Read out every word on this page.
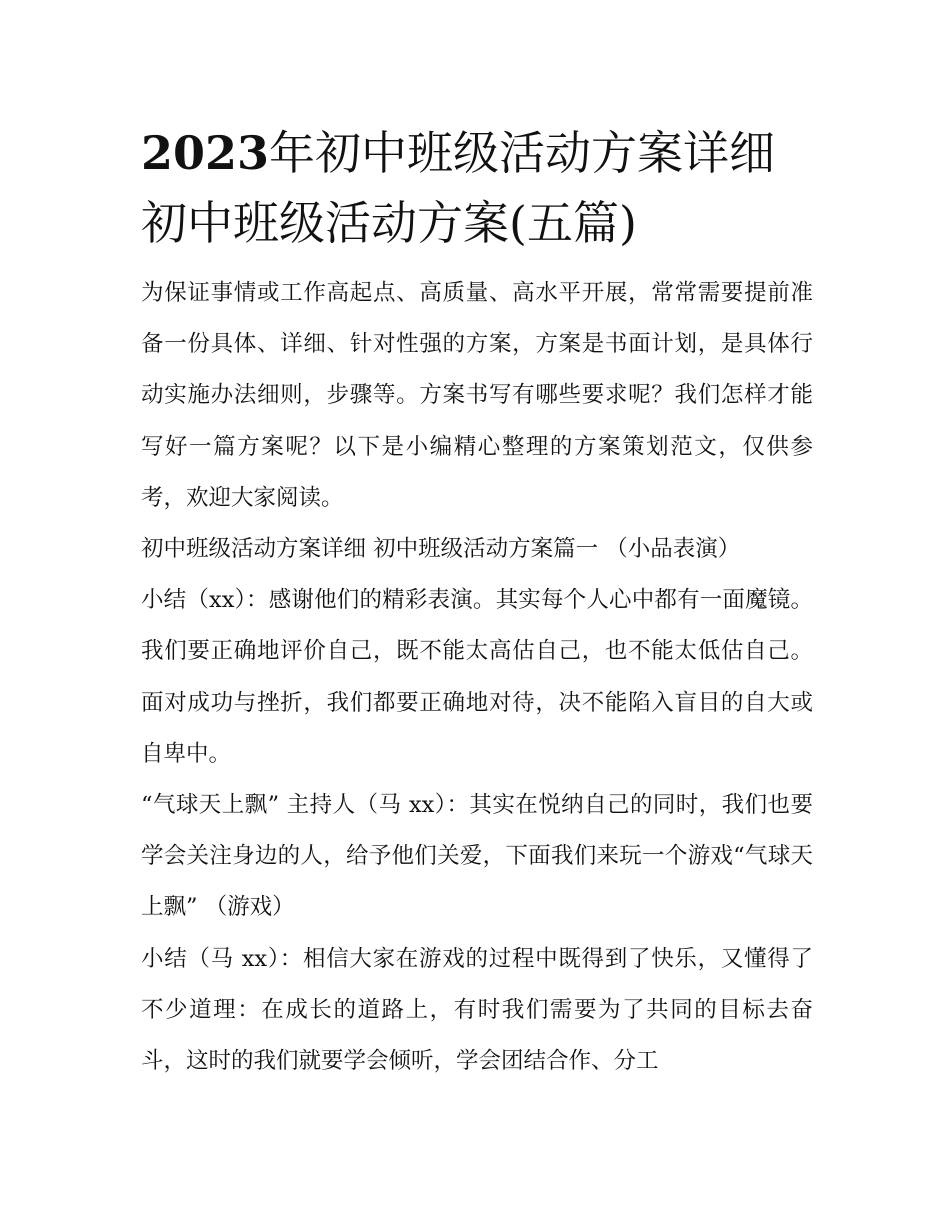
2023年初中班级活动方案详细
初中班级活动方案(五篇)

为保证事情或工作高起点、高质量、高水平开展，常常需要提前准备一份具体、详细、针对性强的方案，方案是书面计划，是具体行动实施办法细则，步骤等。方案书写有哪些要求呢？我们怎样才能写好一篇方案呢？以下是小编精心整理的方案策划范文，仅供参考，欢迎大家阅读。

初中班级活动方案详细 初中班级活动方案篇一 （小品表演）

小结（xx）：感谢他们的精彩表演。其实每个人心中都有一面魔镜。我们要正确地评价自己，既不能太高估自己，也不能太低估自己。面对成功与挫折，我们都要正确地对待，决不能陷入盲目的自大或自卑中。

“气球天上飘” 主持人（马 xx）：其实在悦纳自己的同时，我们也要学会关注身边的人，给予他们关爱，下面我们来玩一个游戏“气球天上飘” （游戏）

小结（马 xx）：相信大家在游戏的过程中既得到了快乐，又懂得了不少道理：在成长的道路上，有时我们需要为了共同的目标去奋斗，这时的我们就要学会倾听，学会团结合作、分工
